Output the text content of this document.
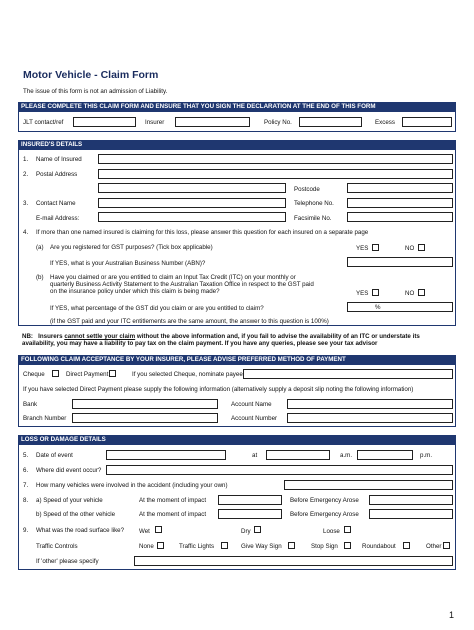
Motor Vehicle - Claim Form
The issue of this form is not an admission of Liability.
PLEASE COMPLETE THIS CLAIM FORM AND ENSURE THAT YOU SIGN THE DECLARATION AT THE END OF THIS FORM
JLT contact/ref	Insurer	Policy No.	Excess
INSURED'S DETAILS
1. Name of Insured
2. Postal Address
Postcode
3. Contact Name	Telephone No.
E-mail Address:	Facsimile No.
4. If more than one named insured is claiming for this loss, please answer this question for each insured on a separate page
(a) Are you registered for GST purposes? (Tick box applicable)	YES	NO
If YES, what is your Australian Business Number (ABN)?
(b) Have you claimed or are you entitled to claim an Input Tax Credit (ITC) on your monthly or quarterly Business Activity Statement to the Australian Taxation Office in respect to the GST paid on the insurance policy under which this claim is being made?	YES	NO
If YES, what percentage of the GST did you claim or are you entitled to claim?	%
(if the GST paid and your ITC entitlements are the same amount, the answer to this question is 100%)
NB: Insurers cannot settle your claim without the above information and, if you fail to advise the availability of an ITC or understate its availability, you may have a liability to pay tax on the claim payment. If you have any queries, please see your tax advisor
FOLLOWING CLAIM ACCEPTANCE BY YOUR INSURER, PLEASE ADVISE PREFERRED METHOD OF PAYMENT
Cheque	Direct Payment	If you selected Cheque, nominate payee
If you have selected Direct Payment please supply the following information (alternatively supply a deposit slip noting the following information)
Bank	Account Name
Branch Number	Account Number
LOSS OR DAMAGE DETAILS
5. Date of event	at	a.m.	p.m.
6. Where did event occur?
7. How many vehicles were involved in the accident (including your own)
8. a) Speed of your vehicle	At the moment of impact	Before Emergency Arose
b) Speed of the other vehicle	At the moment of impact	Before Emergency Arose
9. What was the road surface like? Wet	Dry	Loose
Traffic Controls	None	Traffic Lights	Give Way Sign	Stop Sign	Roundabout	Other
If 'other' please specify
1
